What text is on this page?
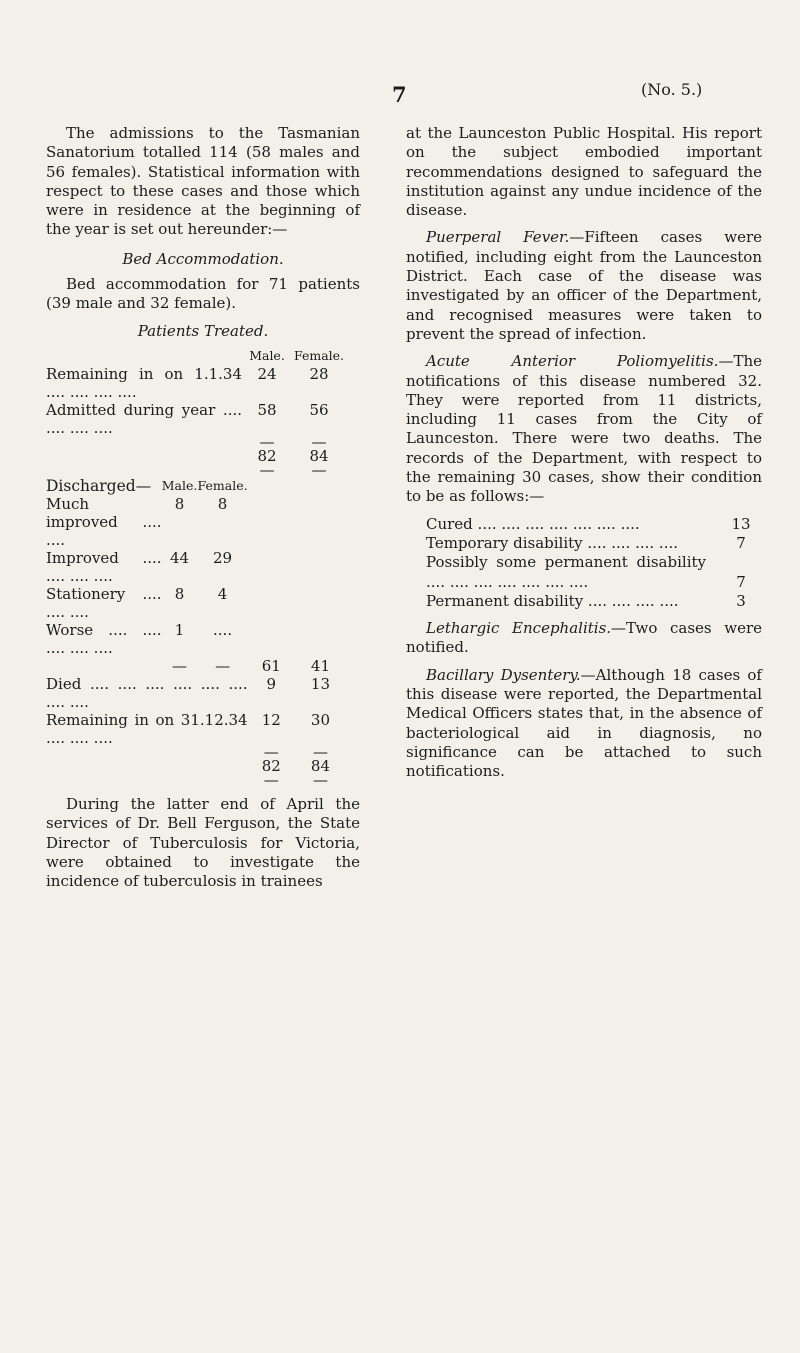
7	(No. 5.)

The admissions to the Tasmanian Sanatorium totalled 114 (58 males and 56 females). Statistical information with respect to these cases and those which were in residence at the beginning of the year is set out hereunder:—

Bed Accommodation.

Bed accommodation for 71 patients (39 male and 32 female).

Patients Treated.
		Male.	Female.
Remaining in on 1.1.34 .... .... .... ....	24	28
Admitted during year .... .... .... ....	58	56
	—	—
	82	84
	—	—
Discharged—	Male.	Female.		
Much improved .... ....	8	8		
Improved .... .... .... ....	44	29		
Stationery .... .... ....	8	4		
Worse .... .... .... .... ....	1	....		
	—	—	61	41
Died .... .... .... .... .... .... .... ....			9	13
Remaining in on 31.12.34 .... .... ....			12	30
			—	—
			82	84
			—	—

During the latter end of April the services of Dr. Bell Ferguson, the State Director of Tuberculosis for Victoria, were obtained to investigate the incidence of tuberculosis in trainees

at the Launceston Public Hospital. His report on the subject embodied important recommendations designed to safeguard the institution against any undue incidence of the disease.

Puerperal Fever.—Fifteen cases were notified, including eight from the Launceston District. Each case of the disease was investigated by an officer of the Department, and recognised measures were taken to prevent the spread of infection.

Acute Anterior Poliomyelitis.—The notifications of this disease numbered 32. They were reported from 11 districts, including 11 cases from the City of Launceston. There were two deaths. The records of the Department, with respect to the remaining 30 cases, show their condition to be as follows:—

Cured .... .... .... .... .... .... ....	13
Temporary disability .... .... .... ....	7
Possibly some permanent disability .... .... .... .... .... .... ....	7
Permanent disability .... .... .... ....	3

Lethargic Encephalitis.—Two cases were notified.

Bacillary Dysentery.—Although 18 cases of this disease were reported, the Departmental Medical Officers states that, in the absence of bacteriological aid in diagnosis, no significance can be attached to such notifications.
